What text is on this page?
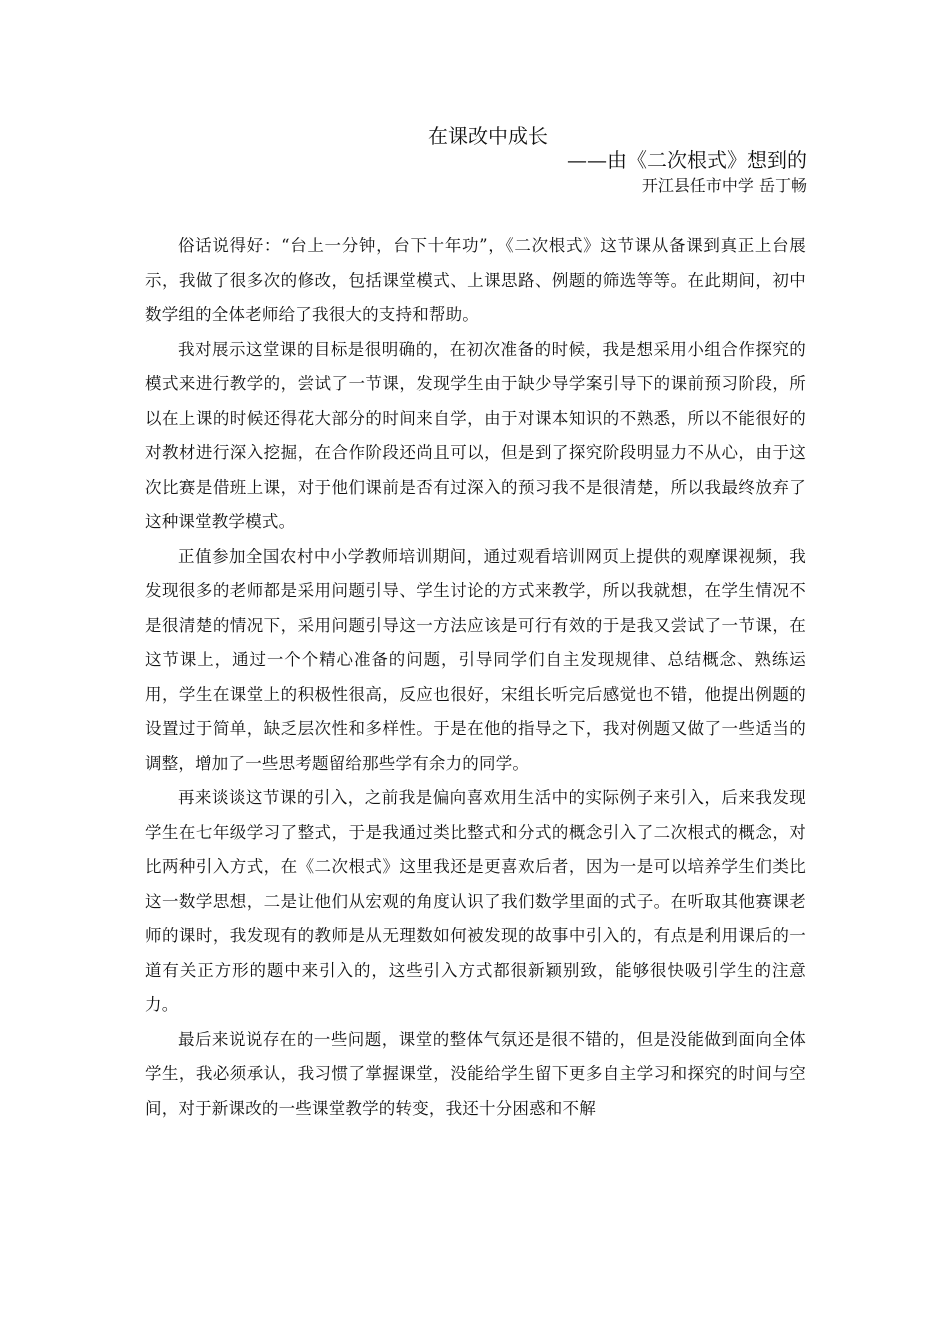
在课改中成长
——由《二次根式》想到的
开江县任市中学 岳丁畅

俗话说得好：“台上一分钟，台下十年功”，《二次根式》这节课从备课到真正上台展示，我做了很多次的修改，包括课堂模式、上课思路、例题的筛选等等。在此期间，初中数学组的全体老师给了我很大的支持和帮助。

我对展示这堂课的目标是很明确的，在初次准备的时候，我是想采用小组合作探究的模式来进行教学的，尝试了一节课，发现学生由于缺少导学案引导下的课前预习阶段，所以在上课的时候还得花大部分的时间来自学，由于对课本知识的不熟悉，所以不能很好的对教材进行深入挖掘，在合作阶段还尚且可以，但是到了探究阶段明显力不从心，由于这次比赛是借班上课，对于他们课前是否有过深入的预习我不是很清楚，所以我最终放弃了这种课堂教学模式。

正值参加全国农村中小学教师培训期间，通过观看培训网页上提供的观摩课视频，我发现很多的老师都是采用问题引导、学生讨论的方式来教学，所以我就想，在学生情况不是很清楚的情况下，采用问题引导这一方法应该是可行有效的于是我又尝试了一节课，在这节课上，通过一个个精心准备的问题，引导同学们自主发现规律、总结概念、熟练运用，学生在课堂上的积极性很高，反应也很好，宋组长听完后感觉也不错，他提出例题的设置过于简单，缺乏层次性和多样性。于是在他的指导之下，我对例题又做了一些适当的调整，增加了一些思考题留给那些学有余力的同学。

再来谈谈这节课的引入，之前我是偏向喜欢用生活中的实际例子来引入，后来我发现学生在七年级学习了整式，于是我通过类比整式和分式的概念引入了二次根式的概念，对比两种引入方式，在《二次根式》这里我还是更喜欢后者，因为一是可以培养学生们类比这一数学思想，二是让他们从宏观的角度认识了我们数学里面的式子。在听取其他赛课老师的课时，我发现有的教师是从无理数如何被发现的故事中引入的，有点是利用课后的一道有关正方形的题中来引入的，这些引入方式都很新颖别致，能够很快吸引学生的注意力。

最后来说说存在的一些问题，课堂的整体气氛还是很不错的，但是没能做到面向全体学生，我必须承认，我习惯了掌握课堂，没能给学生留下更多自主学习和探究的时间与空间，对于新课改的一些课堂教学的转变，我还十分困惑和不解
